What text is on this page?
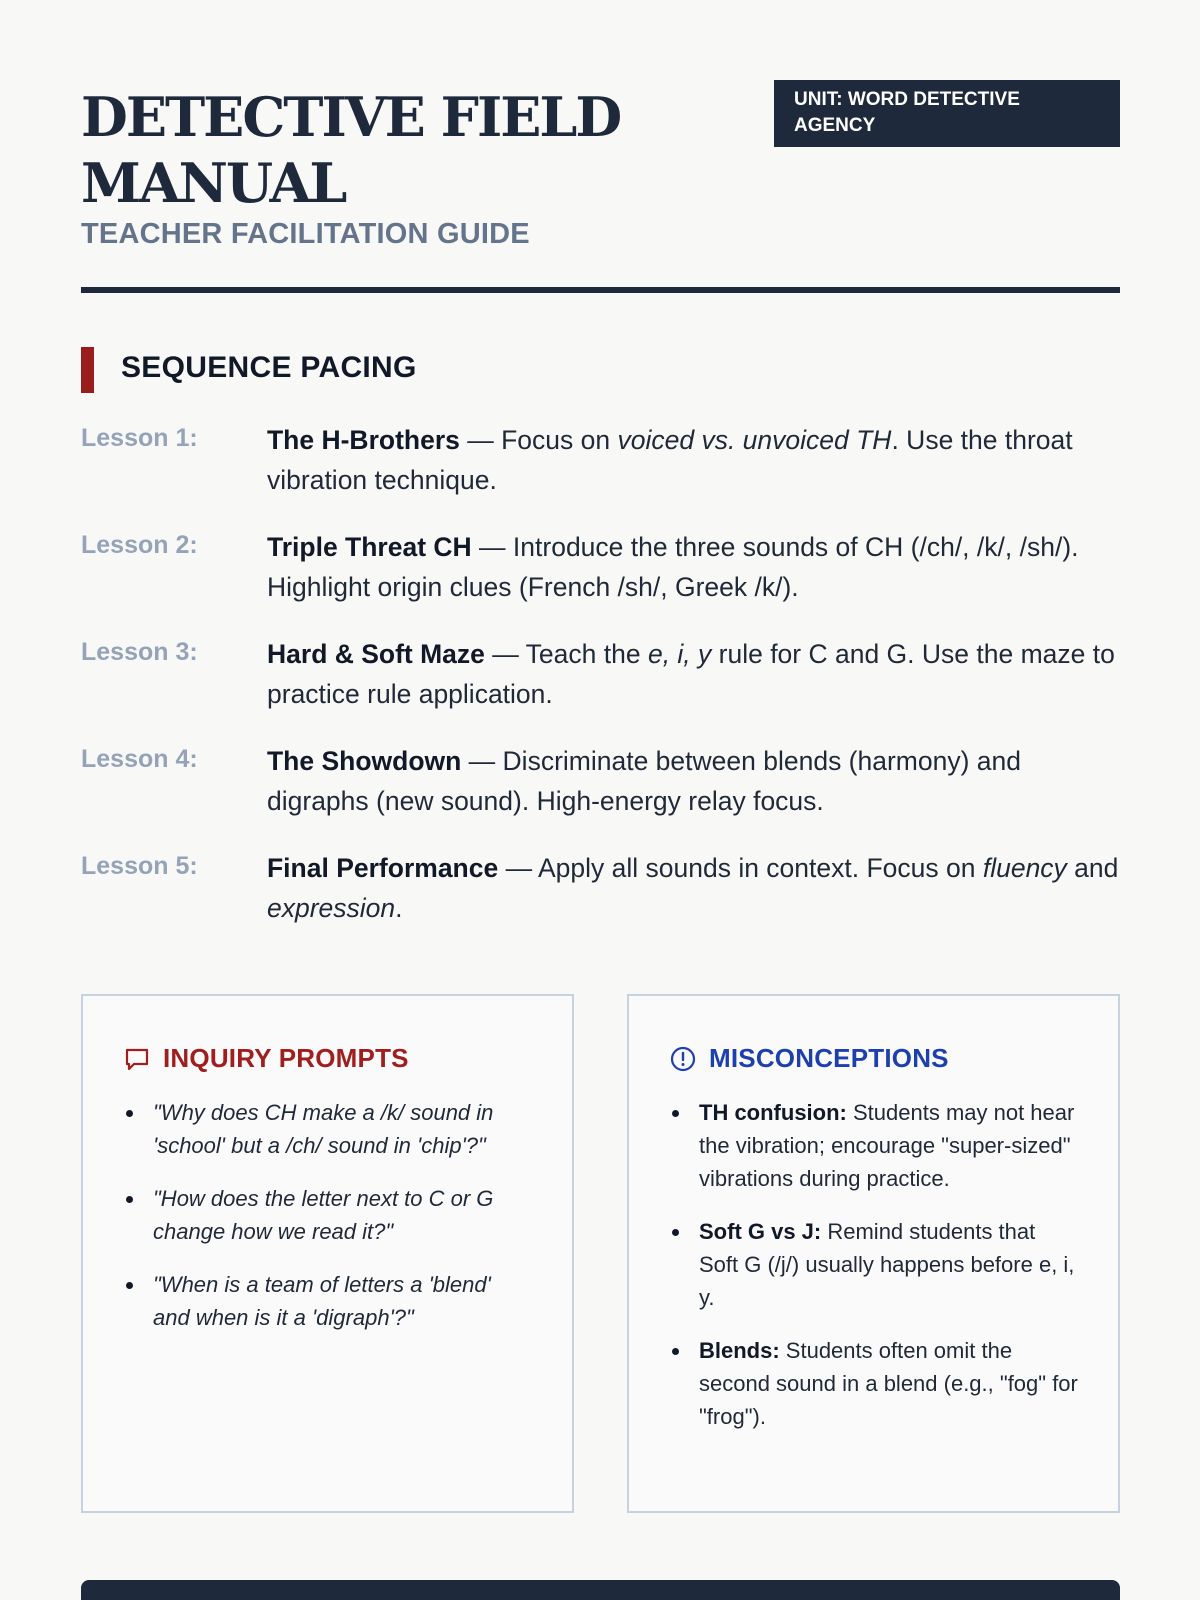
DETECTIVE FIELD MANUAL
TEACHER FACILITATION GUIDE
UNIT: WORD DETECTIVE AGENCY
SEQUENCE PACING
Lesson 1:	The H-Brothers — Focus on voiced vs. unvoiced TH. Use the throat vibration technique.
Lesson 2:	Triple Threat CH — Introduce the three sounds of CH (/ch/, /k/, /sh/). Highlight origin clues (French /sh/, Greek /k/).
Lesson 3:	Hard & Soft Maze — Teach the e, i, y rule for C and G. Use the maze to practice rule application.
Lesson 4:	The Showdown — Discriminate between blends (harmony) and digraphs (new sound). High-energy relay focus.
Lesson 5:	Final Performance — Apply all sounds in context. Focus on fluency and expression.
INQUIRY PROMPTS
"Why does CH make a /k/ sound in 'school' but a /ch/ sound in 'chip'?"
"How does the letter next to C or G change how we read it?"
"When is a team of letters a 'blend' and when is it a 'digraph'?"
MISCONCEPTIONS
TH confusion: Students may not hear the vibration; encourage "super-sized" vibrations during practice.
Soft G vs J: Remind students that Soft G (/j/) usually happens before e, i, y.
Blends: Students often omit the second sound in a blend (e.g., "fog" for "frog").
